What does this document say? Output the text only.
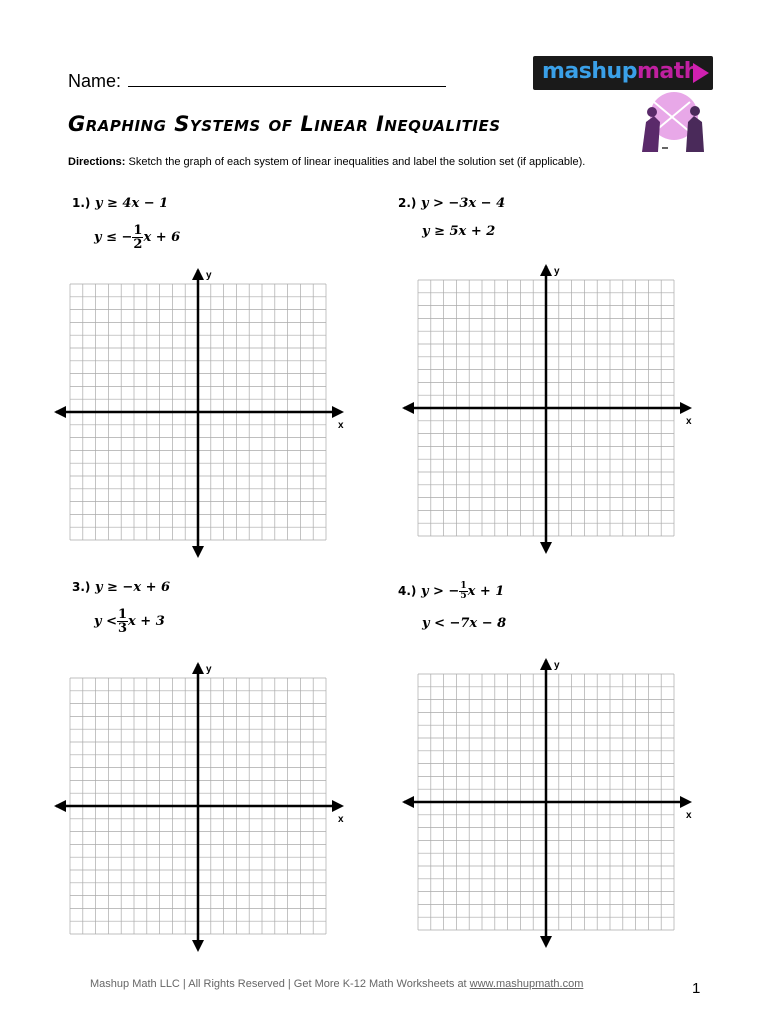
Name:	mashupmath
Graphing Systems of Linear Inequalities
Directions: Sketch the graph of each system of linear inequalities and label the solution set (if applicable).
1.) y ≥ 4x − 1
y ≤ − $\frac{1}{2}$ x + 6
2.) y > −3x − 4
y ≥ 5x + 2
3.) y ≥ −x + 6
$y < \frac{1}{3}$ x + 3
4.) y > − $\frac{1}{5}$ x + 1
y < −7x − 8
x
y
x
y
x
y
x
y
Mashup Math LLC | All Rights Reserved | Get More K-12 Math Worksheets at www.mashupmath.com	1
